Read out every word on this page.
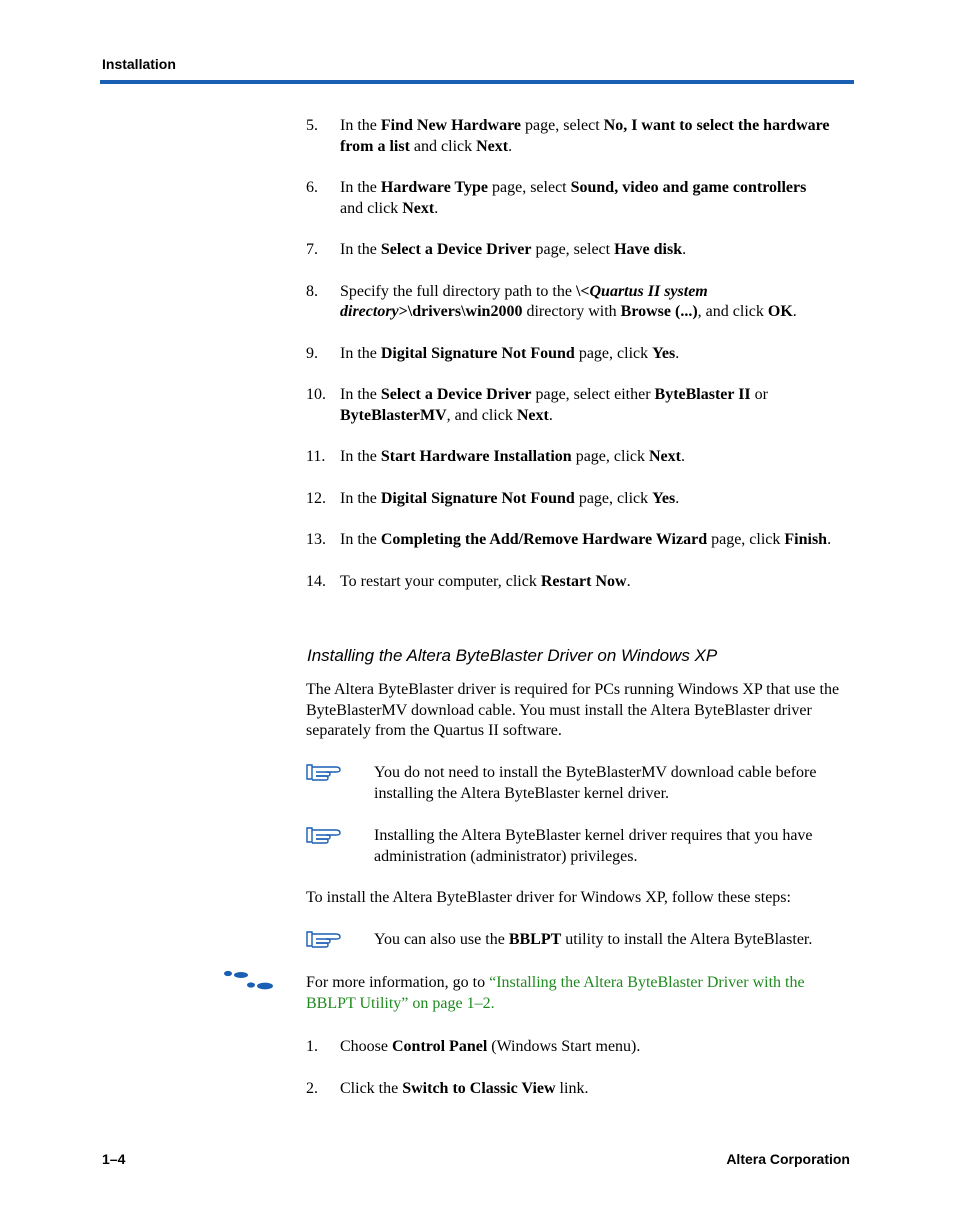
Installation
5. In the Find New Hardware page, select No, I want to select the hardware from a list and click Next.
6. In the Hardware Type page, select Sound, video and game controllers
and click Next.
7. In the Select a Device Driver page, select Have disk.
8. Specify the full directory path to the \<Quartus II system directory>\drivers\win2000 directory with Browse (...), and click OK.
9. In the Digital Signature Not Found page, click Yes.
10. In the Select a Device Driver page, select either ByteBlaster II or ByteBlasterMV, and click Next.
11. In the Start Hardware Installation page, click Next.
12. In the Digital Signature Not Found page, click Yes.
13. In the Completing the Add/Remove Hardware Wizard page, click Finish.
14. To restart your computer, click Restart Now.
Installing the Altera ByteBlaster Driver on Windows XP
The Altera ByteBlaster driver is required for PCs running Windows XP that use the ByteBlasterMV download cable. You must install the Altera ByteBlaster driver separately from the Quartus II software.
You do not need to install the ByteBlasterMV download cable before installing the Altera ByteBlaster kernel driver.
Installing the Altera ByteBlaster kernel driver requires that you have administration (administrator) privileges.
To install the Altera ByteBlaster driver for Windows XP, follow these steps:
You can also use the BBLPT utility to install the Altera ByteBlaster.
For more information, go to “Installing the Altera ByteBlaster Driver with the BBLPT Utility” on page 1–2.
1. Choose Control Panel (Windows Start menu).
2. Click the Switch to Classic View link.
1–4	Altera Corporation
